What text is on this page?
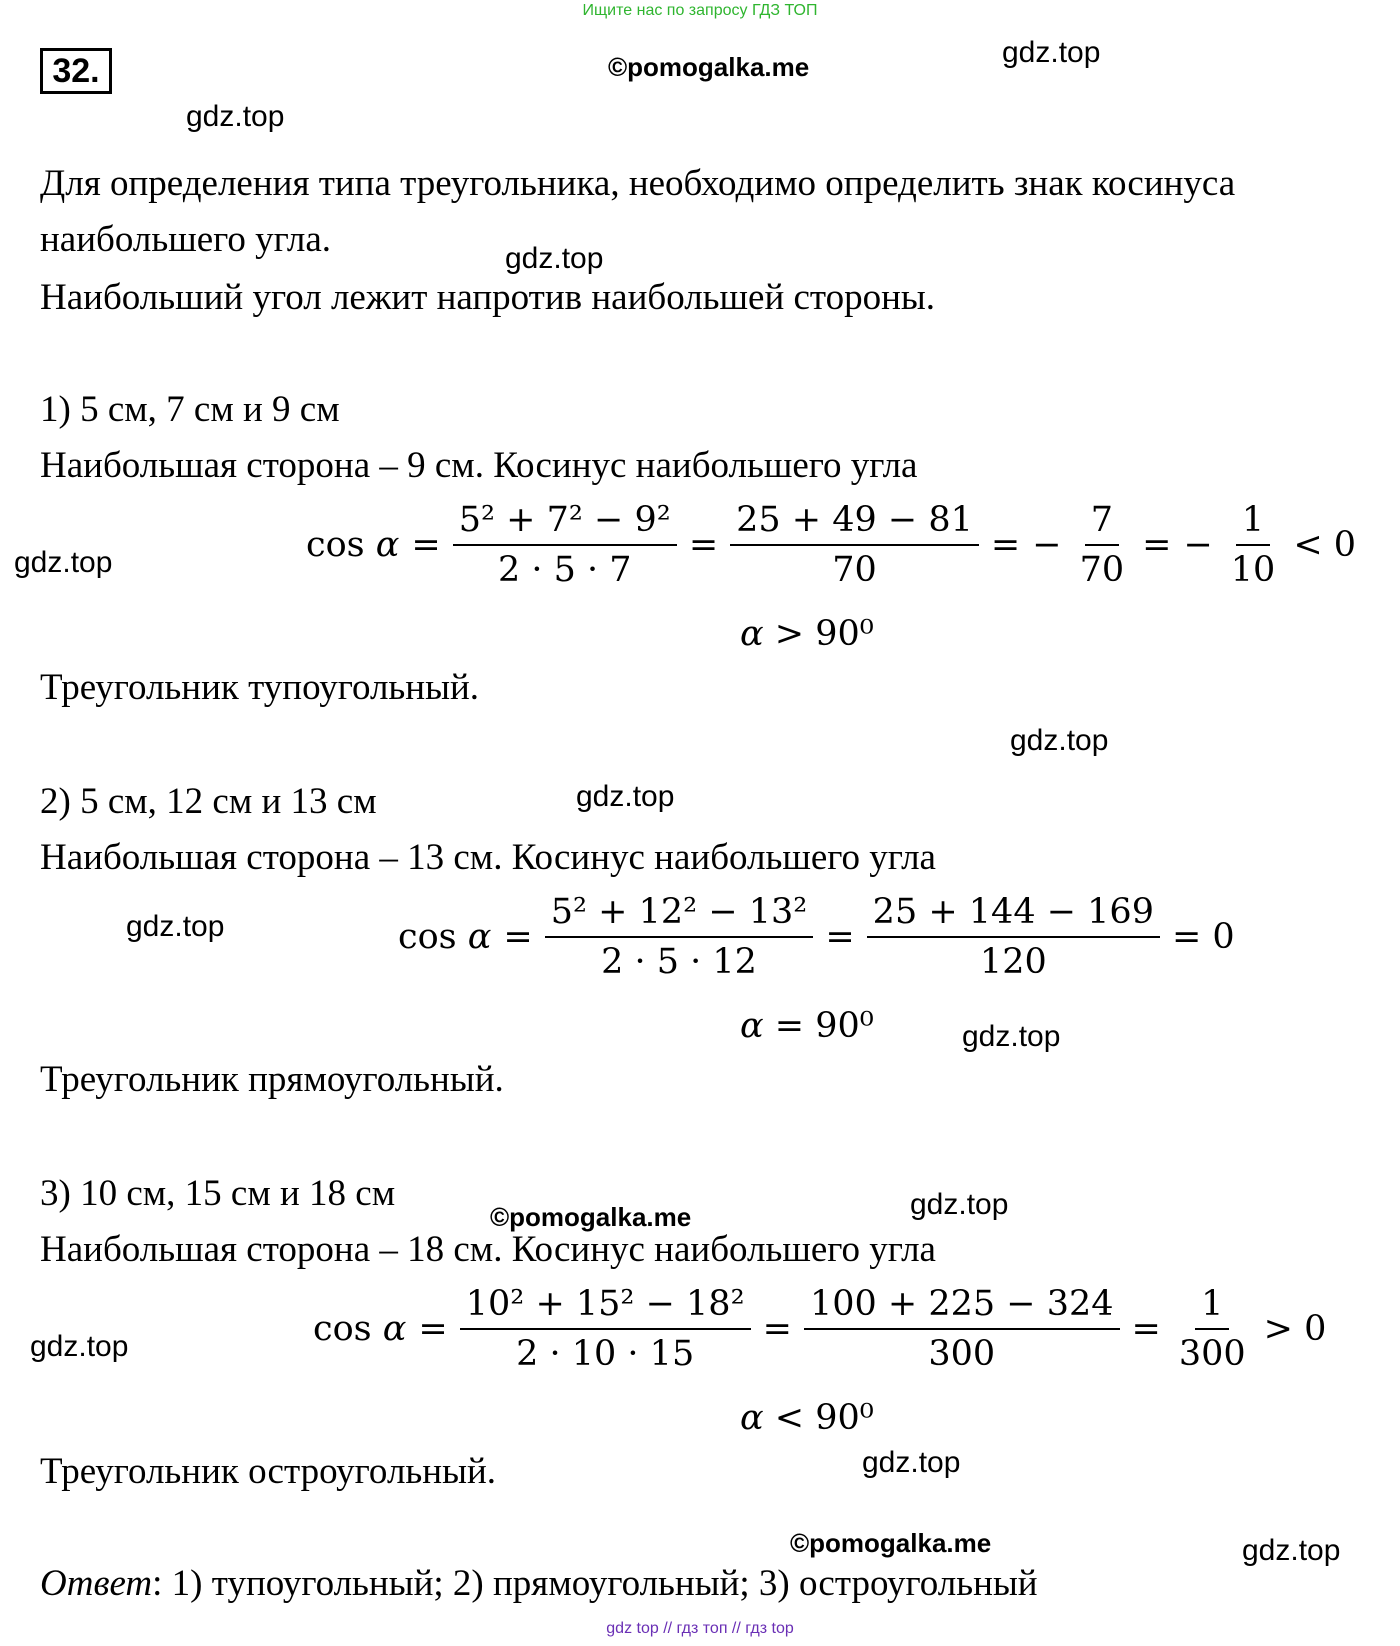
Ищите нас по запросу ГДЗ ТОП
32.	©pomogalka.me	gdz.top
gdz.top
Для определения типа треугольника, необходимо определить знак косинуса
наибольшего угла.	gdz.top
Наибольший угол лежит напротив наибольшей стороны.
1) 5 см, 7 см и 9 см
Наибольшая сторона – 9 см. Косинус наибольшего угла
gdz.top	$\cos \alpha = \frac{\text{5² + 7² − 9²}}{2 \cdot 5 \cdot 7} = \frac{25 + 49 - 81}{70}$ = − $\frac{7}{70}$ = − $\frac{1}{10} < 0$
α > 90⁰
Треугольник тупоугольный.
gdz.top
2) 5 см, 12 см и 13 см	gdz.top
Наибольшая сторона – 13 см. Косинус наибольшего угла
gdz.top	$\cos \alpha = \frac{\text{5² + 12² − 13²}}{2 \cdot 5 \cdot 12} = \frac{25 + 144 - 169}{120} = 0$
α = 90⁰	gdz.top
Треугольник прямоугольный.
3) 10 см, 15 см и 18 см
©pomogalka.me	gdz.top
Наибольшая сторона – 18 см. Косинус наибольшего угла
gdz.top	$\cos \alpha = \frac{\text{10² + 15² − 18²}}{2 \cdot 10 \cdot 15} = \frac{100 + 225 - 324}{300} = \frac{1}{300} > 0$
α < 90⁰
gdz.top
Треугольник остроугольный.
©pomogalka.me	gdz.top
Ответ: 1) тупоугольный; 2) прямоугольный; 3) остроугольный
gdz top // гдз топ // гдз top
